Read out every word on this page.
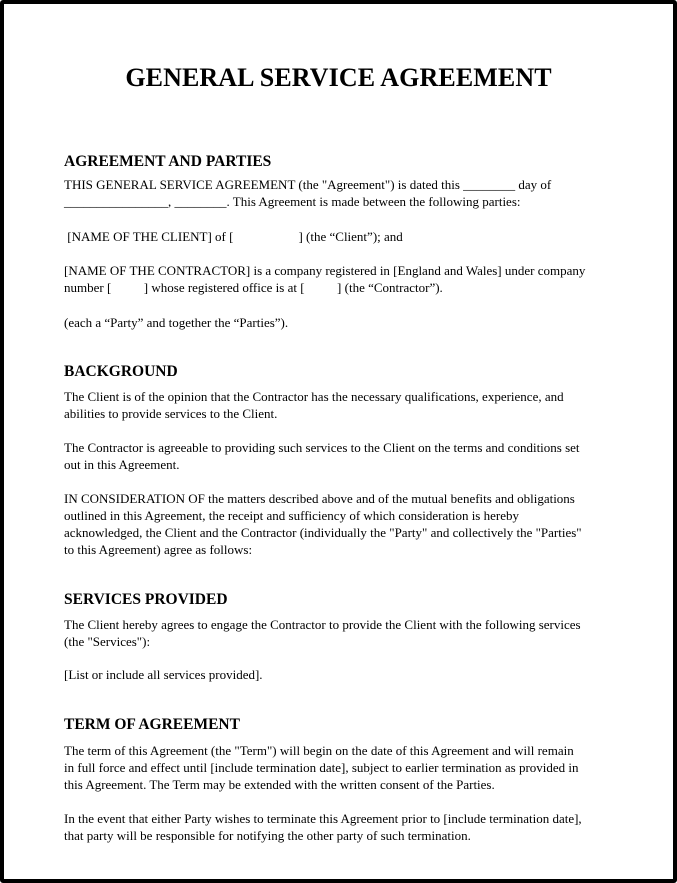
GENERAL SERVICE AGREEMENT
AGREEMENT AND PARTIES

THIS GENERAL SERVICE AGREEMENT (the "Agreement") is dated this ________ day of
________________, ________. This Agreement is made between the following parties:

[NAME OF THE CLIENT] of [                    ] (the “Client”); and

[NAME OF THE CONTRACTOR] is a company registered in [England and Wales] under company
number [          ] whose registered office is at [          ] (the “Contractor”).

(each a “Party” and together the “Parties”).

BACKGROUND

The Client is of the opinion that the Contractor has the necessary qualifications, experience, and
abilities to provide services to the Client.

The Contractor is agreeable to providing such services to the Client on the terms and conditions set
out in this Agreement.

IN CONSIDERATION OF the matters described above and of the mutual benefits and obligations
outlined in this Agreement, the receipt and sufficiency of which consideration is hereby
acknowledged, the Client and the Contractor (individually the "Party" and collectively the "Parties"
to this Agreement) agree as follows:

SERVICES PROVIDED

The Client hereby agrees to engage the Contractor to provide the Client with the following services
(the "Services"):

[List or include all services provided].

TERM OF AGREEMENT

The term of this Agreement (the "Term") will begin on the date of this Agreement and will remain
in full force and effect until [include termination date], subject to earlier termination as provided in
this Agreement. The Term may be extended with the written consent of the Parties.

In the event that either Party wishes to terminate this Agreement prior to [include termination date],
that party will be responsible for notifying the other party of such termination.
